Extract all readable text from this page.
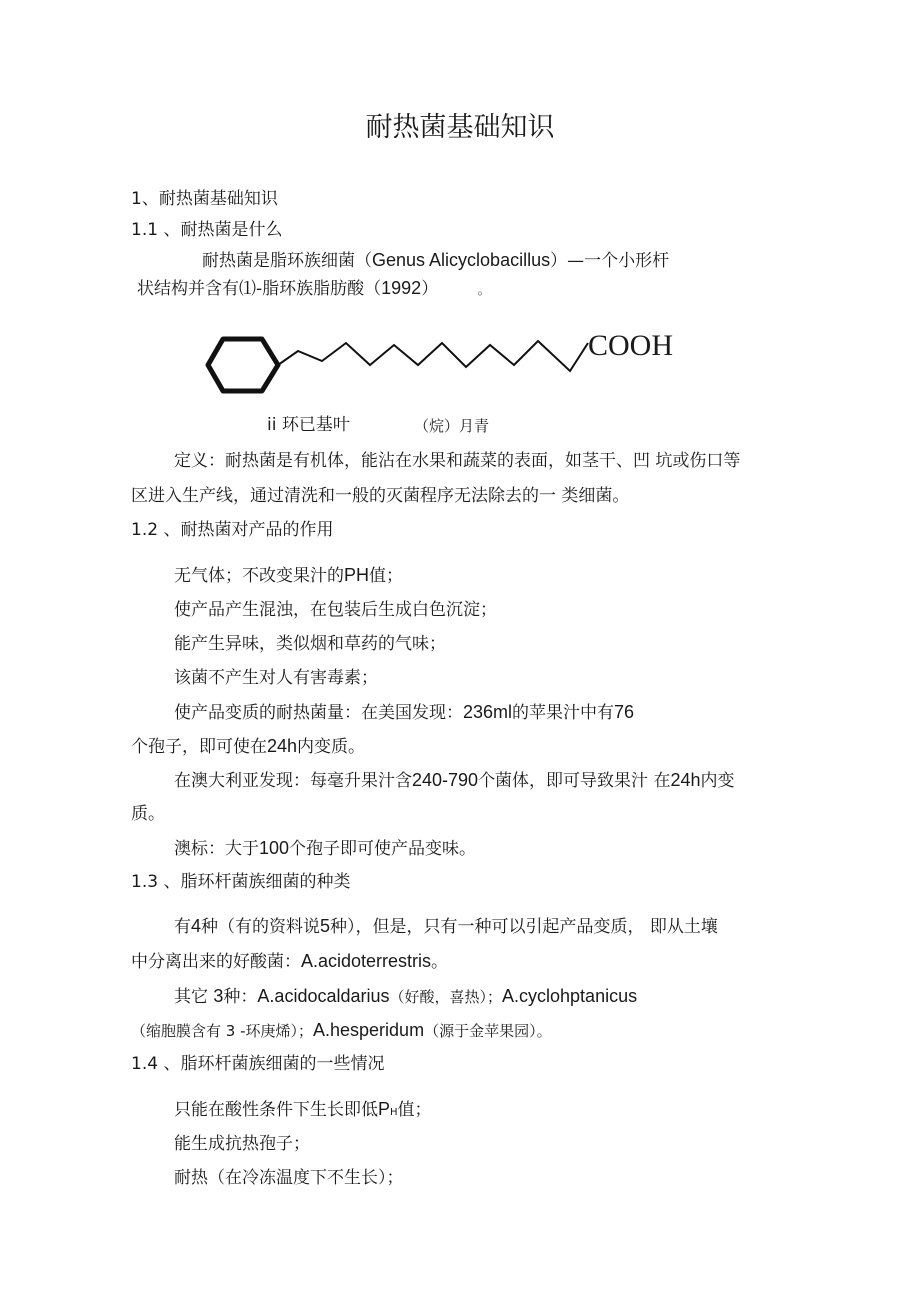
耐热菌基础知识
1、耐热菌基础知识
1.1 、耐热菌是什么
耐热菌是脂环族细菌（Genus Alicyclobacillus）—一个小形杆
状结构并含有⑴-脂环族脂肪酸（1992）	。
COOH
ii 环已基叶	（烷）月青
定义：耐热菌是有机体，能沾在水果和蔬菜的表面，如茎干、凹 坑或伤口等
区进入生产线，通过清洗和一般的灭菌程序无法除去的一 类细菌。
1.2 、耐热菌对产品的作用
无气体；不改变果汁的PH值；
使产品产生混浊，在包装后生成白色沉淀；
能产生异味，类似烟和草药的气味；
该菌不产生对人有害毒素；
使产品变质的耐热菌量：在美国发现：236ml的苹果汁中有76
个孢子，即可使在24h内变质。
在澳大利亚发现：每毫升果汁含240-790个菌体，即可导致果汁 在24h内变
质。
澳标：大于100个孢子即可使产品变味。
1.3 、脂环杆菌族细菌的种类
有4种（有的资料说5种），但是，只有一种可以引起产品变质， 即从土壤
中分离出来的好酸菌：A.acidoterrestris。
其它 3种：A.acidocaldarius（好酸，喜热）；A.cyclohptanicus
（缩胞膜含有 3 -环庚烯）；A.hesperidum（源于金苹果园）。
1.4 、脂环杆菌族细菌的一些情况
只能在酸性条件下生长即低PH值；
能生成抗热孢子；
耐热（在冷冻温度下不生长）；
